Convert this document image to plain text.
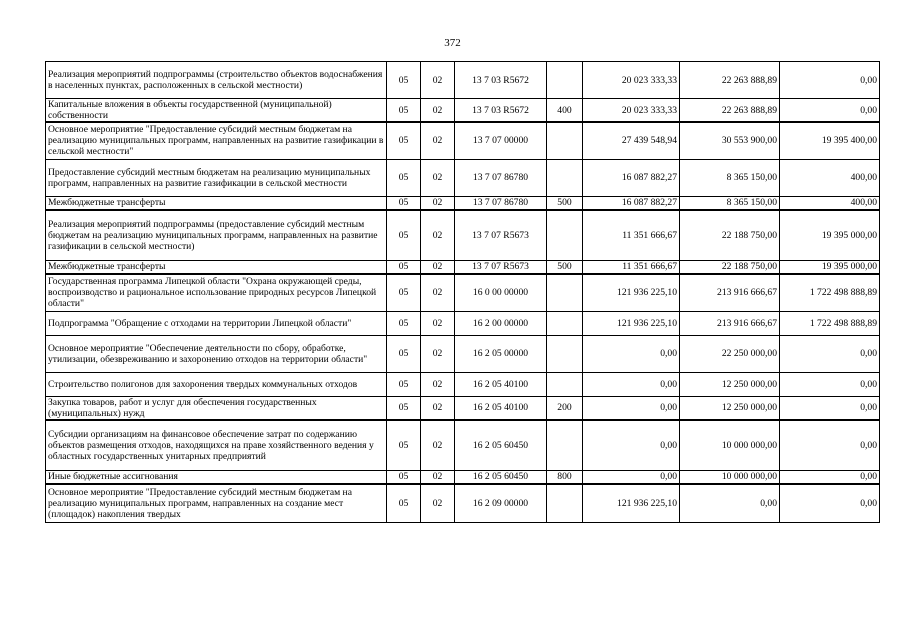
372
Реализация мероприятий подпрограммы (строительство объектов водоснабжения в населенных пунктах, расположенных в сельской местности)	05	02	13 7 03 R5672		20 023 333,33	22 263 888,89	0,00
Капитальные вложения в объекты государственной (муниципальной) собственности	05	02	13 7 03 R5672	400	20 023 333,33	22 263 888,89	0,00
Основное мероприятие "Предоставление субсидий местным бюджетам на реализацию муниципальных программ, направленных на развитие газификации в сельской местности"	05	02	13 7 07 00000		27 439 548,94	30 553 900,00	19 395 400,00
Предоставление субсидий местным бюджетам на реализацию муниципальных программ, направленных на развитие газификации в сельской местности	05	02	13 7 07 86780		16 087 882,27	8 365 150,00	400,00
Межбюджетные трансферты	05	02	13 7 07 86780	500	16 087 882,27	8 365 150,00	400,00
Реализация мероприятий подпрограммы (предоставление субсидий местным бюджетам на реализацию муниципальных программ, направленных на развитие газификации в сельской местности)	05	02	13 7 07 R5673		11 351 666,67	22 188 750,00	19 395 000,00
Межбюджетные трансферты	05	02	13 7 07 R5673	500	11 351 666,67	22 188 750,00	19 395 000,00
Государственная программа Липецкой области "Охрана окружающей среды, воспроизводство и рациональное использование природных ресурсов Липецкой области"	05	02	16 0 00 00000		121 936 225,10	213 916 666,67	1 722 498 888,89
Подпрограмма "Обращение с отходами на территории Липецкой области"	05	02	16 2 00 00000		121 936 225,10	213 916 666,67	1 722 498 888,89
Основное мероприятие "Обеспечение деятельности по сбору, обработке, утилизации, обезвреживанию и захоронению отходов на территории области"	05	02	16 2 05 00000		0,00	22 250 000,00	0,00
Строительство полигонов для захоронения твердых коммунальных отходов	05	02	16 2 05 40100		0,00	12 250 000,00	0,00
Закупка товаров, работ и услуг для обеспечения государственных (муниципальных) нужд	05	02	16 2 05 40100	200	0,00	12 250 000,00	0,00
Субсидии организациям на финансовое обеспечение затрат по содержанию объектов размещения отходов, находящихся на праве хозяйственного ведения у областных государственных унитарных предприятий	05	02	16 2 05 60450		0,00	10 000 000,00	0,00
Иные бюджетные ассигнования	05	02	16 2 05 60450	800	0,00	10 000 000,00	0,00
Основное мероприятие "Предоставление субсидий местным бюджетам на реализацию муниципальных программ, направленных на создание мест (площадок) накопления твердых	05	02	16 2 09 00000		121 936 225,10	0,00	0,00
